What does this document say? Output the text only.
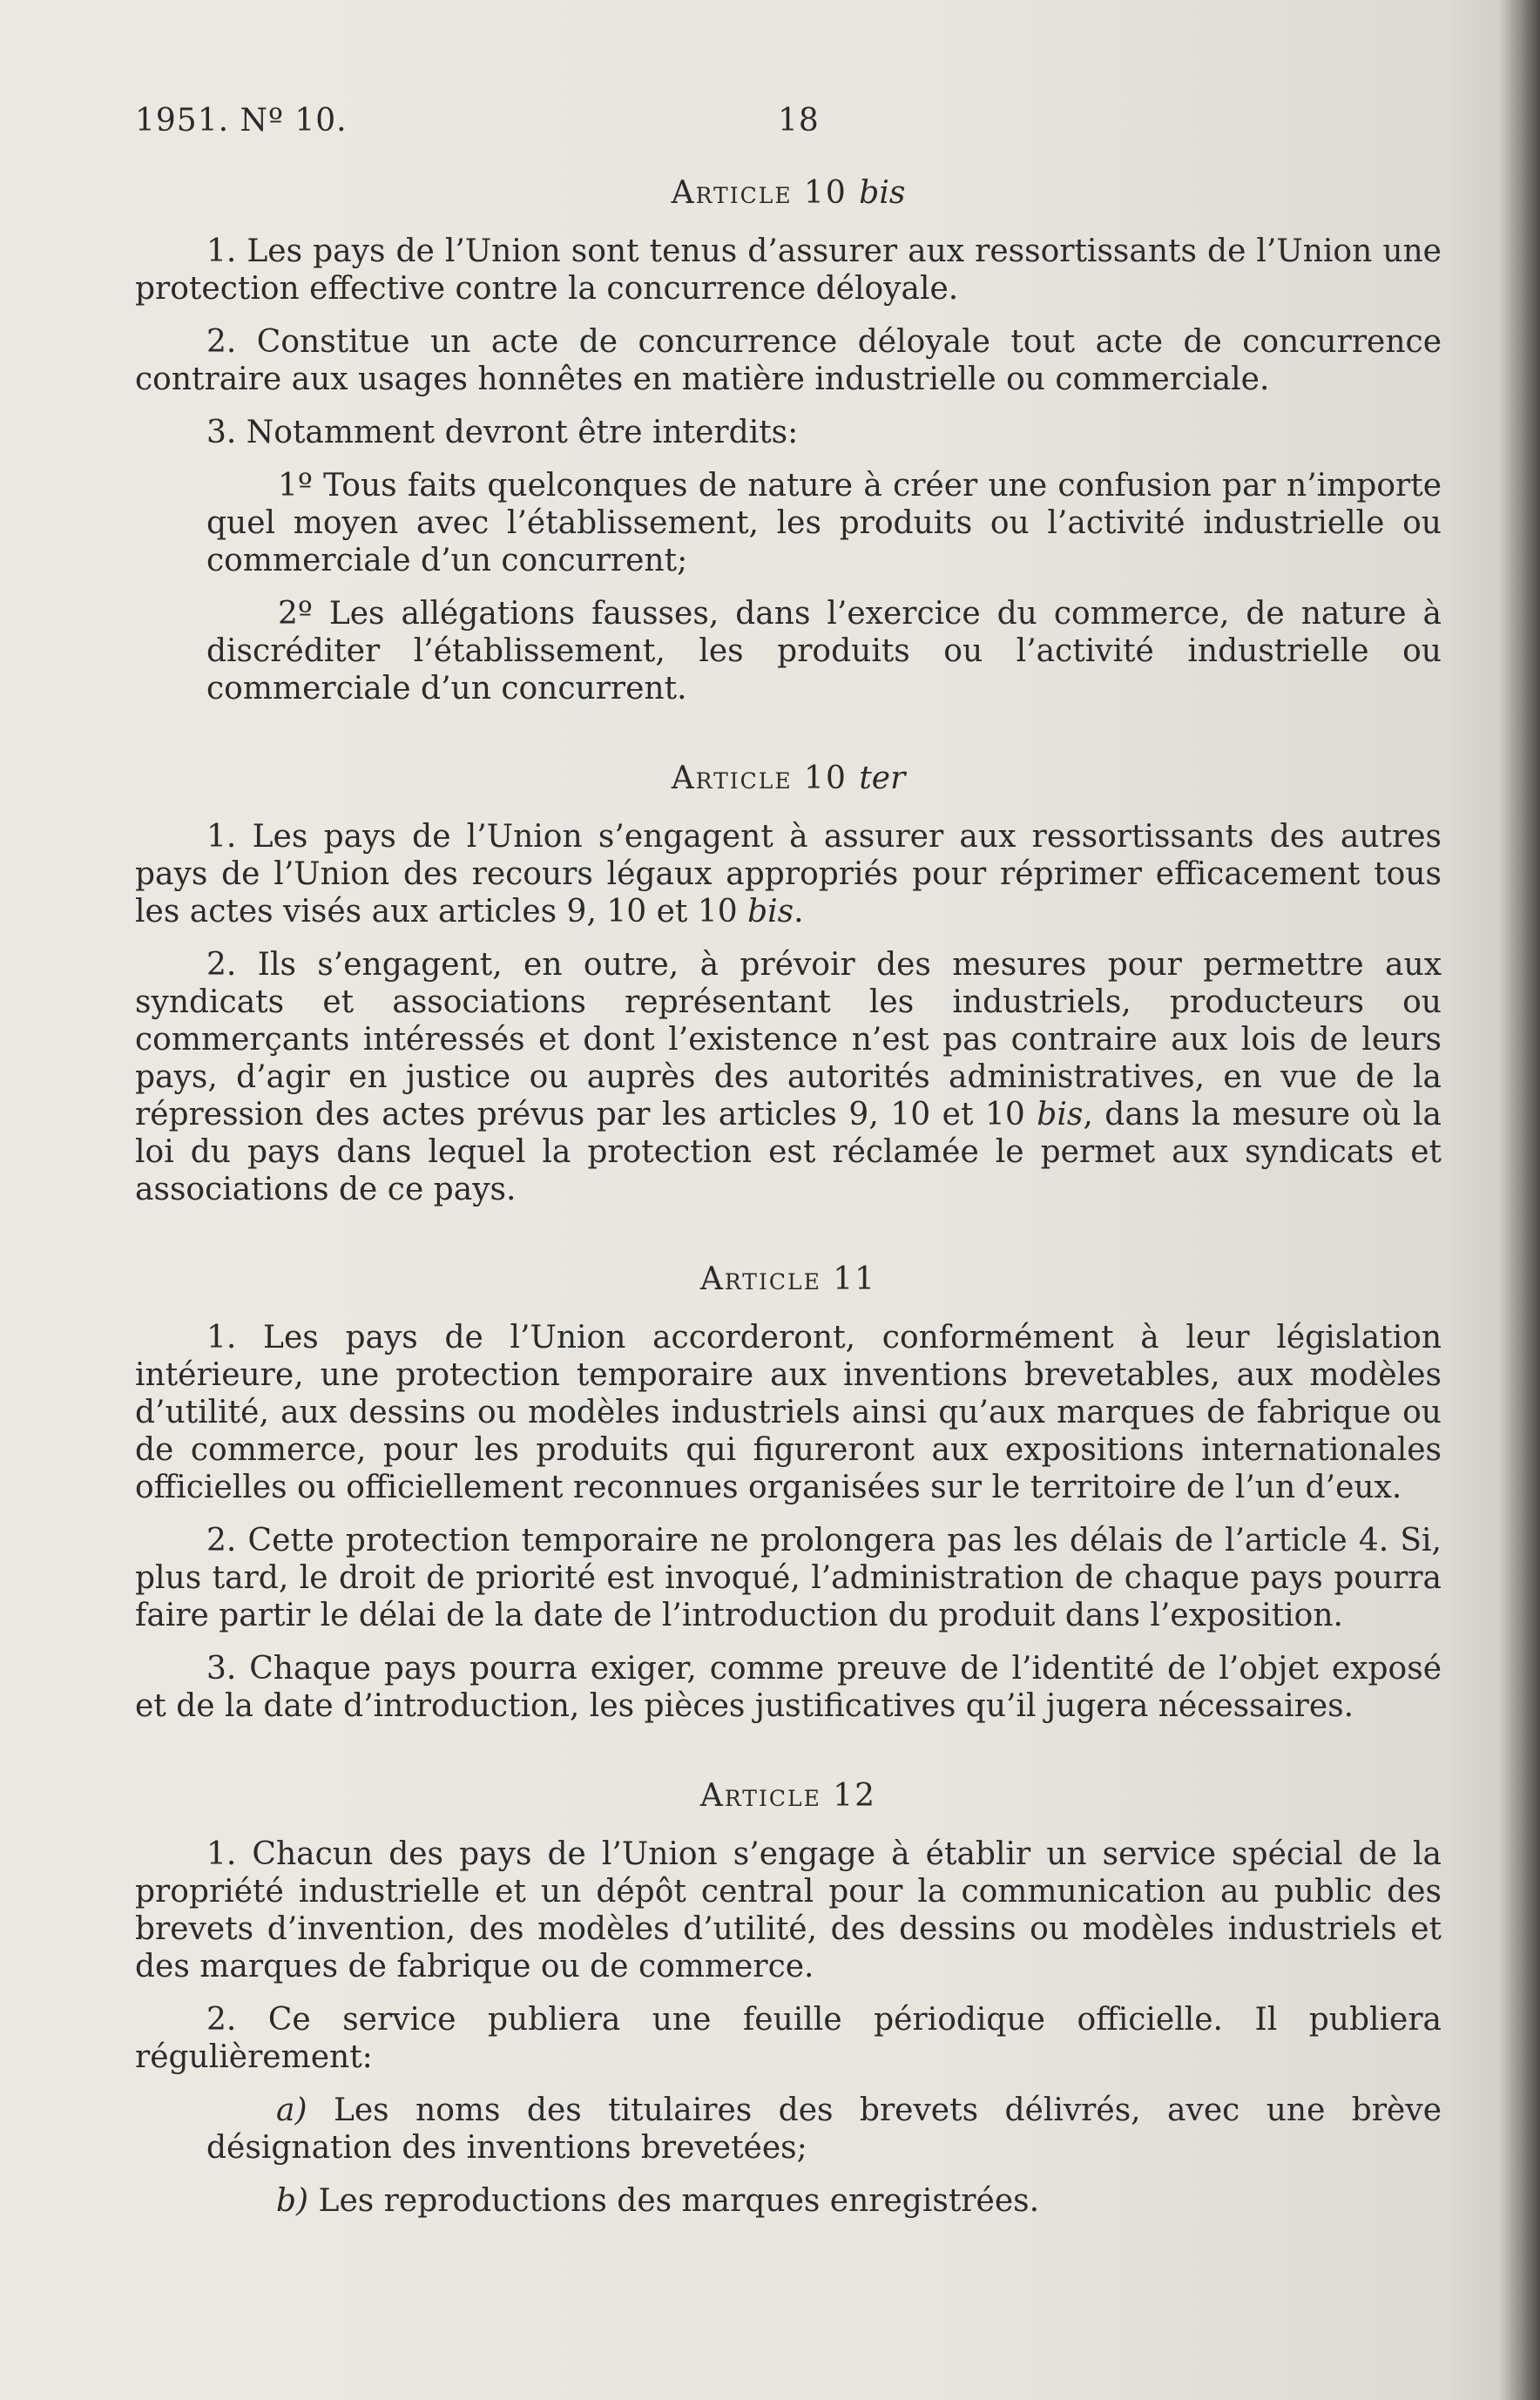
1951. Nº 10.	18
Article 10 bis

1. Les pays de l’Union sont tenus d’assurer aux ressortissants de l’Union une protection effective contre la concurrence déloyale.

2. Constitue un acte de concurrence déloyale tout acte de concurrence contraire aux usages honnêtes en matière industrielle ou commerciale.

3. Notamment devront être interdits:

1º Tous faits quelconques de nature à créer une confusion par n’importe quel moyen avec l’établissement, les produits ou l’activité industrielle ou commerciale d’un concurrent;

2º Les allégations fausses, dans l’exercice du commerce, de nature à discréditer l’établissement, les produits ou l’activité industrielle ou commerciale d’un concurrent.

Article 10 ter

1. Les pays de l’Union s’engagent à assurer aux ressortissants des autres pays de l’Union des recours légaux appropriés pour réprimer efficacement tous les actes visés aux articles 9, 10 et 10 bis.

2. Ils s’engagent, en outre, à prévoir des mesures pour permettre aux syndicats et associations représentant les industriels, producteurs ou commerçants intéressés et dont l’existence n’est pas contraire aux lois de leurs pays, d’agir en justice ou auprès des autorités administratives, en vue de la répression des actes prévus par les articles 9, 10 et 10 bis, dans la mesure où la loi du pays dans lequel la protection est réclamée le permet aux syndicats et associations de ce pays.

Article 11

1. Les pays de l’Union accorderont, conformément à leur législation intérieure, une protection temporaire aux inventions brevetables, aux modèles d’utilité, aux dessins ou modèles industriels ainsi qu’aux marques de fabrique ou de commerce, pour les produits qui figureront aux expositions internationales officielles ou officiellement reconnues organisées sur le territoire de l’un d’eux.

2. Cette protection temporaire ne prolongera pas les délais de l’article 4. Si, plus tard, le droit de priorité est invoqué, l’administration de chaque pays pourra faire partir le délai de la date de l’introduction du produit dans l’exposition.

3. Chaque pays pourra exiger, comme preuve de l’identité de l’objet exposé et de la date d’introduction, les pièces justificatives qu’il jugera nécessaires.

Article 12

1. Chacun des pays de l’Union s’engage à établir un service spécial de la propriété industrielle et un dépôt central pour la communication au public des brevets d’invention, des modèles d’utilité, des dessins ou modèles industriels et des marques de fabrique ou de commerce.

2. Ce service publiera une feuille périodique officielle. Il publiera régulièrement:

a) Les noms des titulaires des brevets délivrés, avec une brève désignation des inventions brevetées;

b) Les reproductions des marques enregistrées.
